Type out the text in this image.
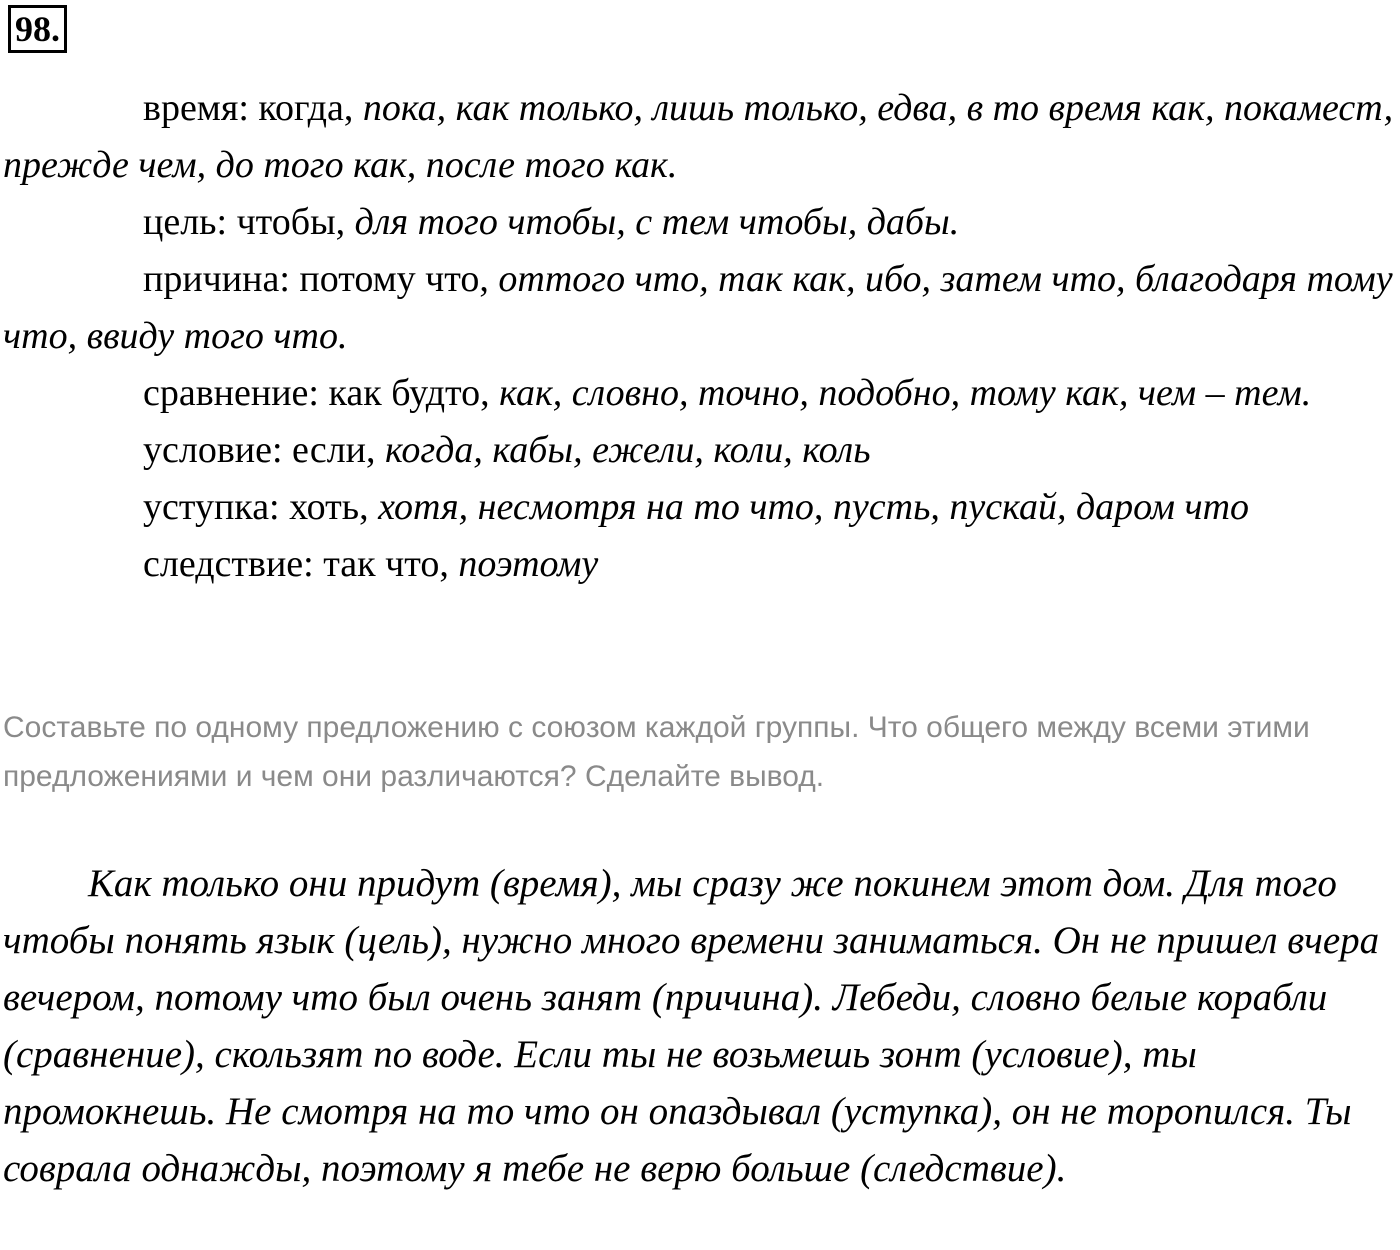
98.

время: когда, пока, как только, лишь только, едва, в то время как, покамест, прежде чем, до того как, после того как.

цель: чтобы, для того чтобы, с тем чтобы, дабы.

причина: потому что, оттого что, так как, ибо, затем что, благодаря тому что, ввиду того что.

сравнение: как будто, как, словно, точно, подобно, тому как, чем – тем.

условие: если, когда, кабы, ежели, коли, коль

уступка: хоть, хотя, несмотря на то что, пусть, пускай, даром что

следствие: так что, поэтому

Составьте по одному предложению с союзом каждой группы. Что общего между всеми этими предложениями и чем они различаются? Сделайте вывод.
Как только они придут (время), мы сразу же покинем этот дом. Для того чтобы понять язык (цель), нужно много времени заниматься. Он не пришел вчера вечером, потому что был очень занят (причина). Лебеди, словно белые корабли (сравнение), скользят по воде. Если ты не возьмешь зонт (условие), ты промокнешь. Не смотря на то что он опаздывал (уступка), он не торопился. Ты соврала однажды, поэтому я тебе не верю больше (следствие).
